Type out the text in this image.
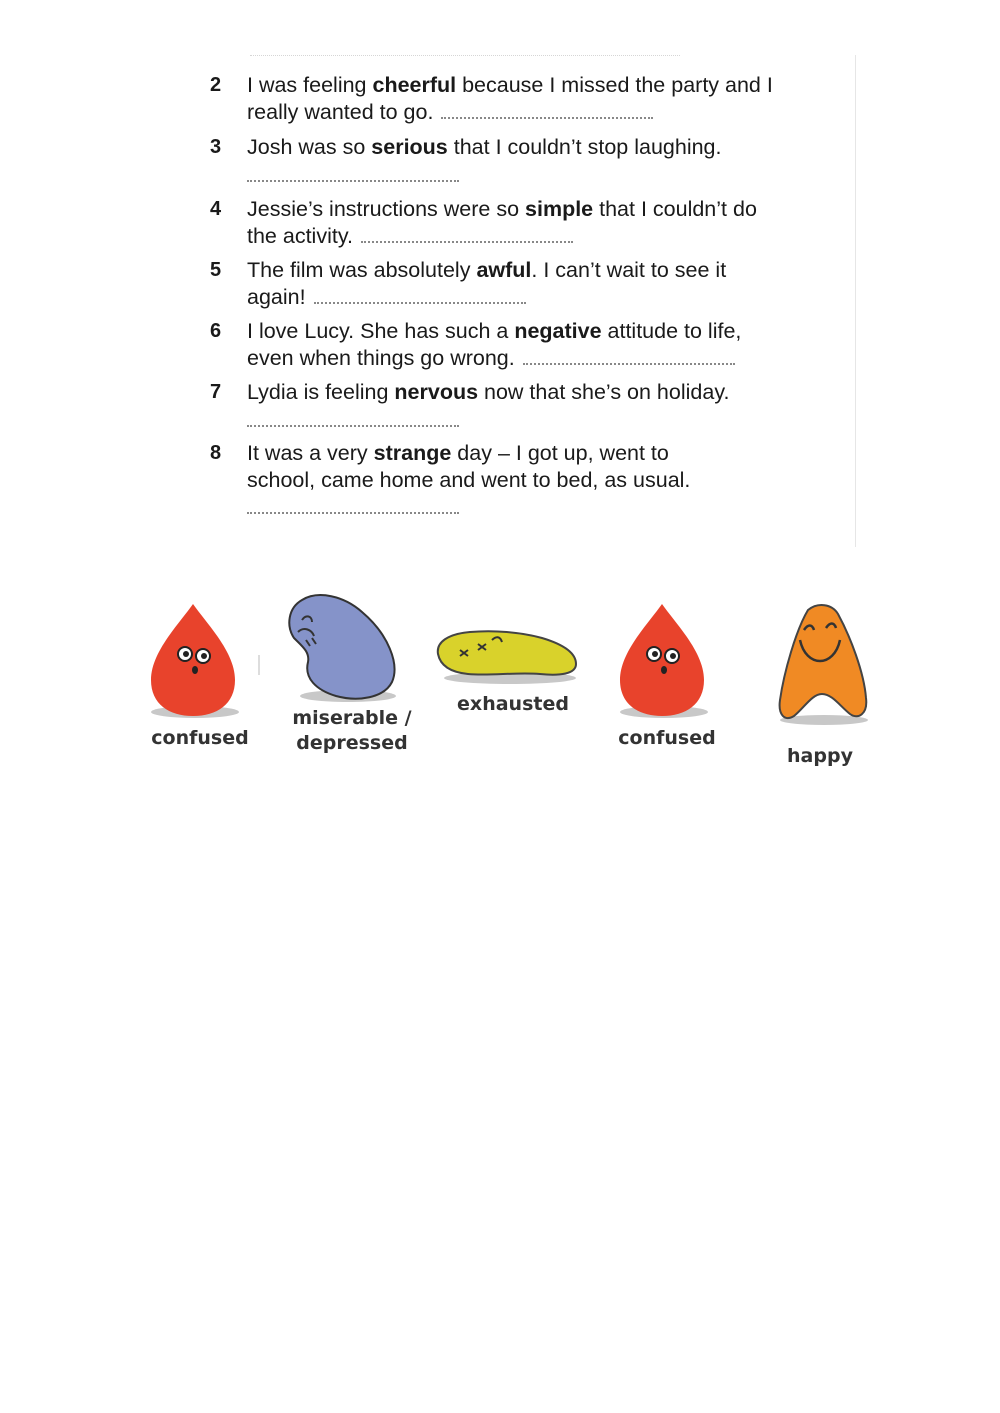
2	I was feeling cheerful because I missed the party and I
really wanted to go.
3	Josh was so serious that I couldn’t stop laughing.
4	Jessie’s instructions were so simple that I couldn’t do
the activity.
5	The film was absolutely awful. I can’t wait to see it
again!
6	I love Lucy. She has such a negative attitude to life,
even when things go wrong.
7	Lydia is feeling nervous now that she’s on holiday.
8	It was a very strange day – I got up, went to
school, came home and went to bed, as usual.
confused
miserable /
depressed
exhausted
confused
happy
